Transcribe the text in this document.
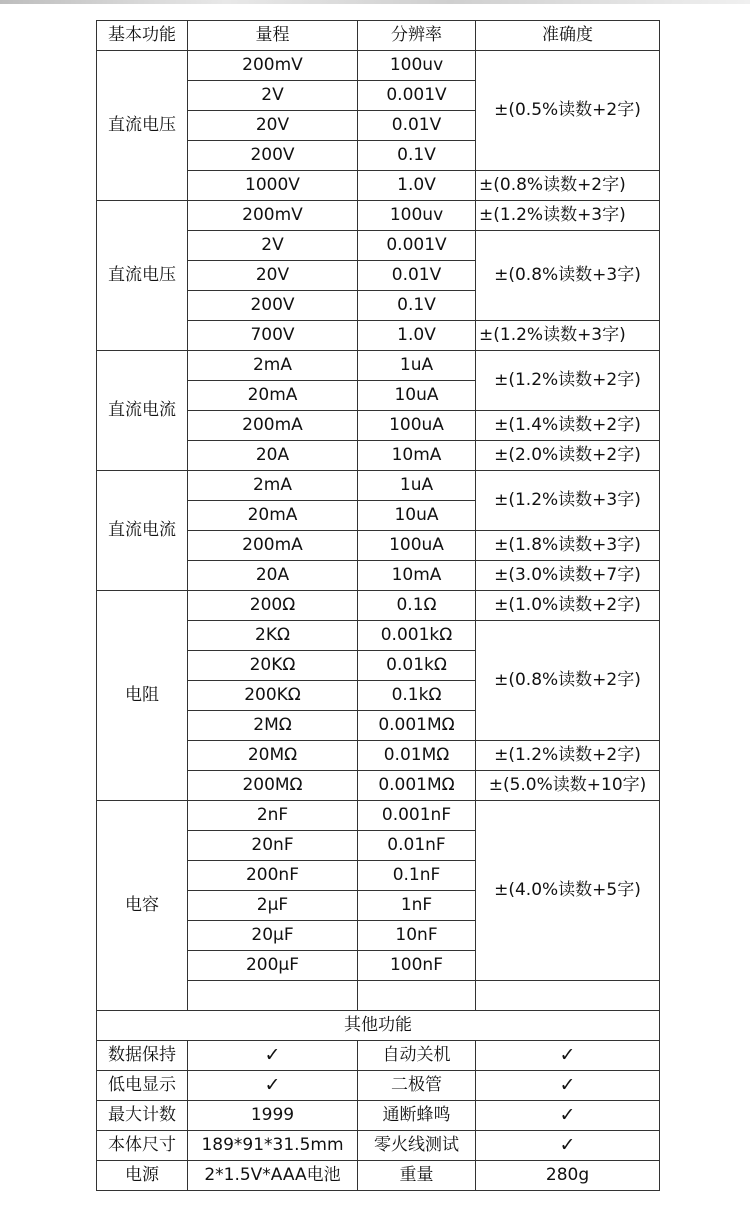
基本功能	量程	分辨率	准确度
直流电压	200mV	100uv	±(0.5%读数+2字)
	2V	0.001V	
	20V	0.01V	
	200V	0.1V	
	1000V	1.0V	±(0.8%读数+2字)
直流电压	200mV	100uv	±(1.2%读数+3字)
	2V	0.001V	±(0.8%读数+3字)
	20V	0.01V	
	200V	0.1V	
	700V	1.0V	±(1.2%读数+3字)
直流电流	2mA	1uA	±(1.2%读数+2字)
	20mA	10uA	
	200mA	100uA	±(1.4%读数+2字)
	20A	10mA	±(2.0%读数+2字)
直流电流	2mA	1uA	±(1.2%读数+3字)
	20mA	10uA	
	200mA	100uA	±(1.8%读数+3字)
	20A	10mA	±(3.0%读数+7字)
电阻	200Ω	0.1Ω	±(1.0%读数+2字)
	2KΩ	0.001kΩ	±(0.8%读数+2字)
	20KΩ	0.01kΩ	
	200KΩ	0.1kΩ	
	2MΩ	0.001MΩ	
	20MΩ	0.01MΩ	±(1.2%读数+2字)
	200MΩ	0.001MΩ	±(5.0%读数+10字)
电容	2nF	0.001nF	±(4.0%读数+5字)
	20nF	0.01nF	
	200nF	0.1nF	
	2μF	1nF	
	20μF	10nF	
	200μF	100nF	

其他功能			
数据保持	✓	自动关机	✓
低电显示	✓	二极管	✓
最大计数	1999	通断蜂鸣	✓
本体尺寸	189*91*31.5mm	零火线测试	✓
电源	2*1.5V*AAA电池	重量	280g
